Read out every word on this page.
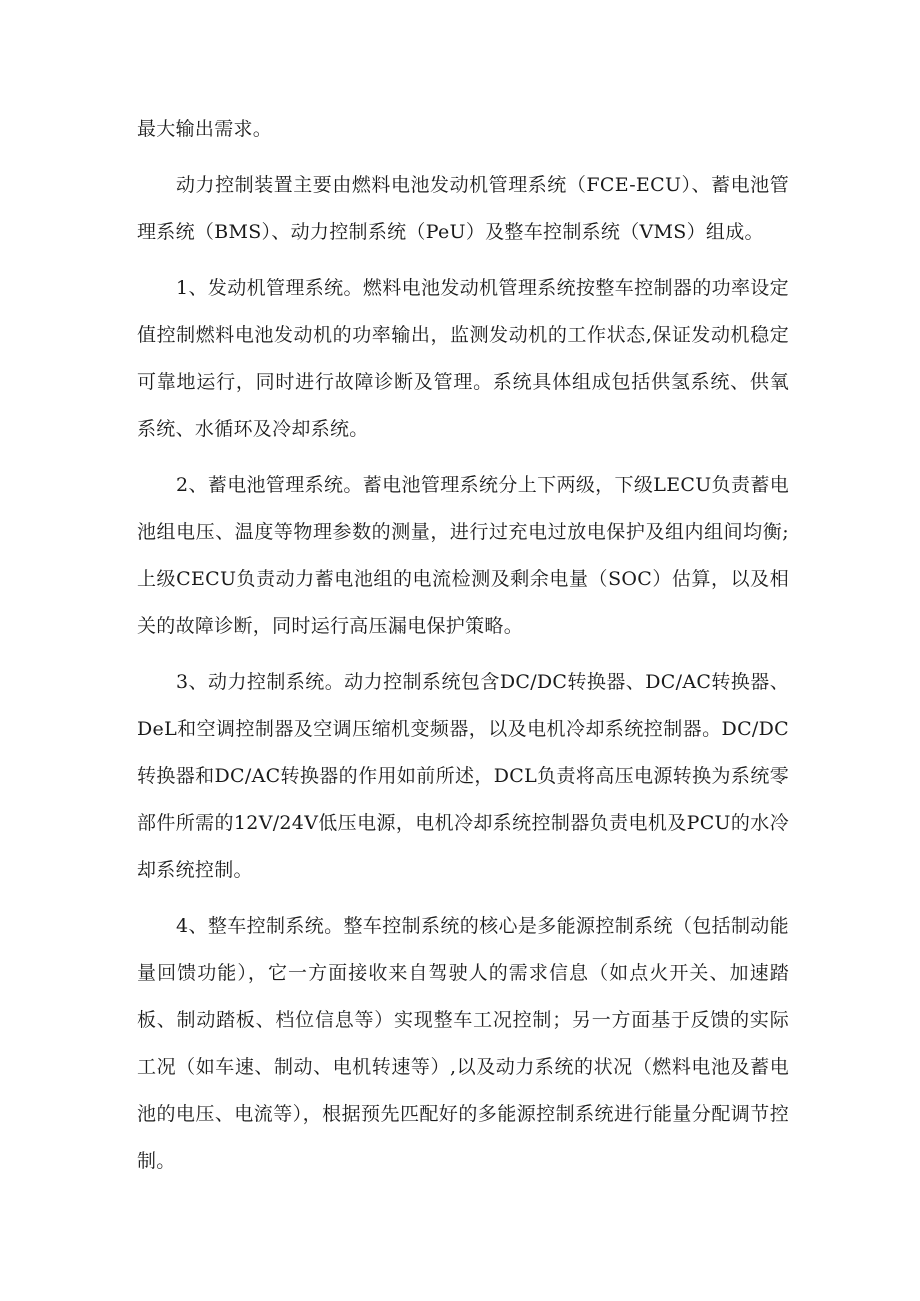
最大输出需求。

动力控制装置主要由燃料电池发动机管理系统（FCE-ECU）、蓄电池管理系统（BMS）、动力控制系统（PeU）及整车控制系统（VMS）组成。

1、发动机管理系统。燃料电池发动机管理系统按整车控制器的功率设定值控制燃料电池发动机的功率输出，监测发动机的工作状态,保证发动机稳定可靠地运行，同时进行故障诊断及管理。系统具体组成包括供氢系统、供氧系统、水循环及冷却系统。

2、蓄电池管理系统。蓄电池管理系统分上下两级，下级LECU负责蓄电池组电压、温度等物理参数的测量，进行过充电过放电保护及组内组间均衡;上级CECU负责动力蓄电池组的电流检测及剩余电量（SOC）估算，以及相关的故障诊断，同时运行高压漏电保护策略。

3、动力控制系统。动力控制系统包含DC/DC转换器、DC/AC转换器、DeL和空调控制器及空调压缩机变频器，以及电机冷却系统控制器。DC/DC转换器和DC/AC转换器的作用如前所述，DCL负责将高压电源转换为系统零部件所需的12V/24V低压电源，电机冷却系统控制器负责电机及PCU的水冷却系统控制。

4、整车控制系统。整车控制系统的核心是多能源控制系统（包括制动能量回馈功能），它一方面接收来自驾驶人的需求信息（如点火开关、加速踏板、制动踏板、档位信息等）实现整车工况控制；另一方面基于反馈的实际工况（如车速、制动、电机转速等）,以及动力系统的状况（燃料电池及蓄电池的电压、电流等），根据预先匹配好的多能源控制系统进行能量分配调节控制。
